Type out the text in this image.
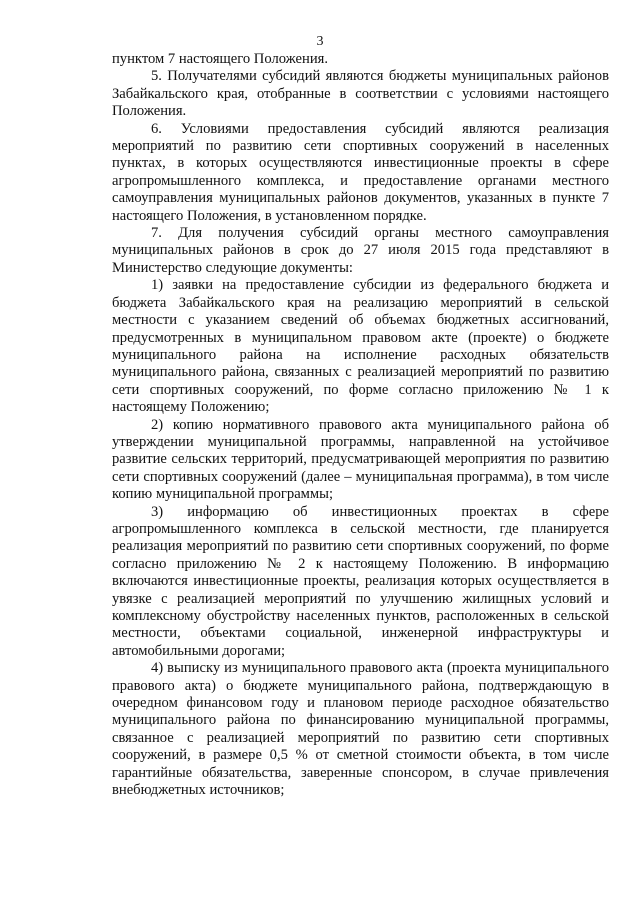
3

пунктом 7 настоящего Положения.

5. Получателями субсидий являются бюджеты муниципальных районов Забайкальского края, отобранные в соответствии с условиями настоящего Положения.

6. Условиями предоставления субсидий являются реализация мероприятий по развитию сети спортивных сооружений в населенных пунктах, в которых осуществляются инвестиционные проекты в сфере агропромышленного комплекса, и предоставление органами местного самоуправления муниципальных районов документов, указанных в пункте 7 настоящего Положения, в установленном порядке.

7. Для получения субсидий органы местного самоуправления муниципальных районов в срок до 27 июля 2015 года представляют в Министерство следующие документы:

1) заявки на предоставление субсидии из федерального бюджета и бюджета Забайкальского края на реализацию мероприятий в сельской местности с указанием сведений об объемах бюджетных ассигнований, предусмотренных в муниципальном правовом акте (проекте) о бюджете муниципального района на исполнение расходных обязательств муниципального района, связанных с реализацией мероприятий по развитию сети спортивных сооружений, по форме согласно приложению № 1 к настоящему Положению;

2) копию нормативного правового акта муниципального района об утверждении муниципальной программы, направленной на устойчивое развитие сельских территорий, предусматривающей мероприятия по развитию сети спортивных сооружений (далее – муниципальная программа), в том числе копию муниципальной программы;

3) информацию об инвестиционных проектах в сфере агропромышленного комплекса в сельской местности, где планируется реализация мероприятий по развитию сети спортивных сооружений, по форме согласно приложению № 2 к настоящему Положению. В информацию включаются инвестиционные проекты, реализация которых осуществляется в увязке с реализацией мероприятий по улучшению жилищных условий и комплексному обустройству населенных пунктов, расположенных в сельской местности, объектами социальной, инженерной инфраструктуры и автомобильными дорогами;

4) выписку из муниципального правового акта (проекта муниципального правового акта) о бюджете муниципального района, подтверждающую в очередном финансовом году и плановом периоде расходное обязательство муниципального района по финансированию муниципальной программы, связанное с реализацией мероприятий по развитию сети спортивных сооружений, в размере 0,5 % от сметной стоимости объекта, в том числе гарантийные обязательства, заверенные спонсором, в случае привлечения внебюджетных источников;
